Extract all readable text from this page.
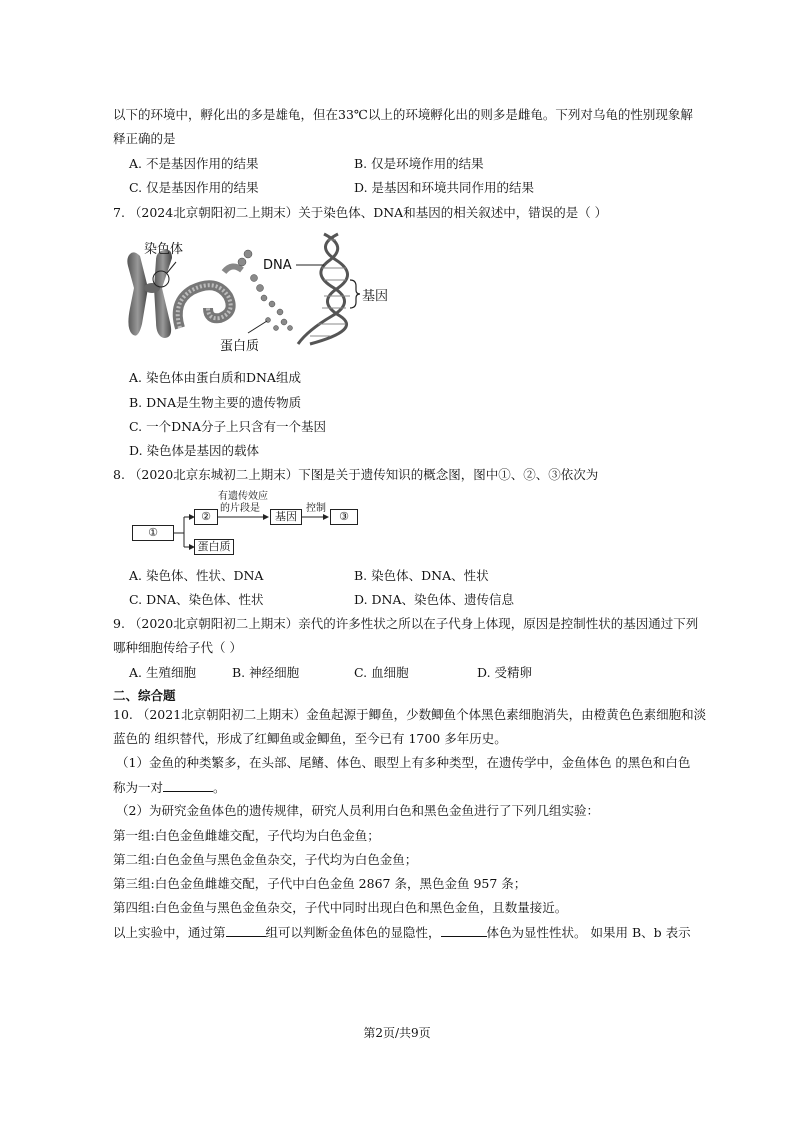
以下的环境中，孵化出的多是雄龟，但在33℃以上的环境孵化出的则多是雌龟。下列对乌龟的性别现象解
释正确的是
A. 不是基因作用的结果	B. 仅是环境作用的结果
C. 仅是基因作用的结果	D. 是基因和环境共同作用的结果
7. （2024北京朝阳初二上期末）关于染色体、DNA和基因的相关叙述中，错误的是（ ）
染色体
DNA
基因
蛋白质
A. 染色体由蛋白质和DNA组成
B. DNA是生物主要的遗传物质
C. 一个DNA分子上只含有一个基因
D. 染色体是基因的载体
8. （2020北京东城初二上期末）下图是关于遗传知识的概念图，图中①、②、③依次为
①
②	基因	③
蛋白质
有遗传效应
的片段是	控制
A. 染色体、性状、DNA	B. 染色体、DNA、性状
C. DNA、染色体、性状	D. DNA、染色体、遗传信息
9. （2020北京朝阳初二上期末）亲代的许多性状之所以在子代身上体现，原因是控制性状的基因通过下列
哪种细胞传给子代（ ）
A. 生殖细胞	B. 神经细胞	C. 血细胞	D. 受精卵
二、综合题
10. （2021北京朝阳初二上期末）金鱼起源于鲫鱼，少数鲫鱼个体黑色素细胞消失，由橙黄色色素细胞和淡
蓝色的 组织替代，形成了红鲫鱼或金鲫鱼，至今已有 1700 多年历史。
（1）金鱼的种类繁多，在头部、尾鳍、体色、眼型上有多种类型，在遗传学中，金鱼体色 的黑色和白色
称为一对	。
（2）为研究金鱼体色的遗传规律，研究人员利用白色和黑色金鱼进行了下列几组实验：
第一组:白色金鱼雌雄交配，子代均为白色金鱼；
第二组:白色金鱼与黑色金鱼杂交，子代均为白色金鱼；
第三组:白色金鱼雌雄交配，子代中白色金鱼 2867 条，黑色金鱼 957 条；
第四组:白色金鱼与黑色金鱼杂交，子代中同时出现白色和黑色金鱼，且数量接近。
以上实验中，通过第	组可以判断金鱼体色的显隐性，	体色为显性性状。 如果用 B、b 表示
第2页/共9页
